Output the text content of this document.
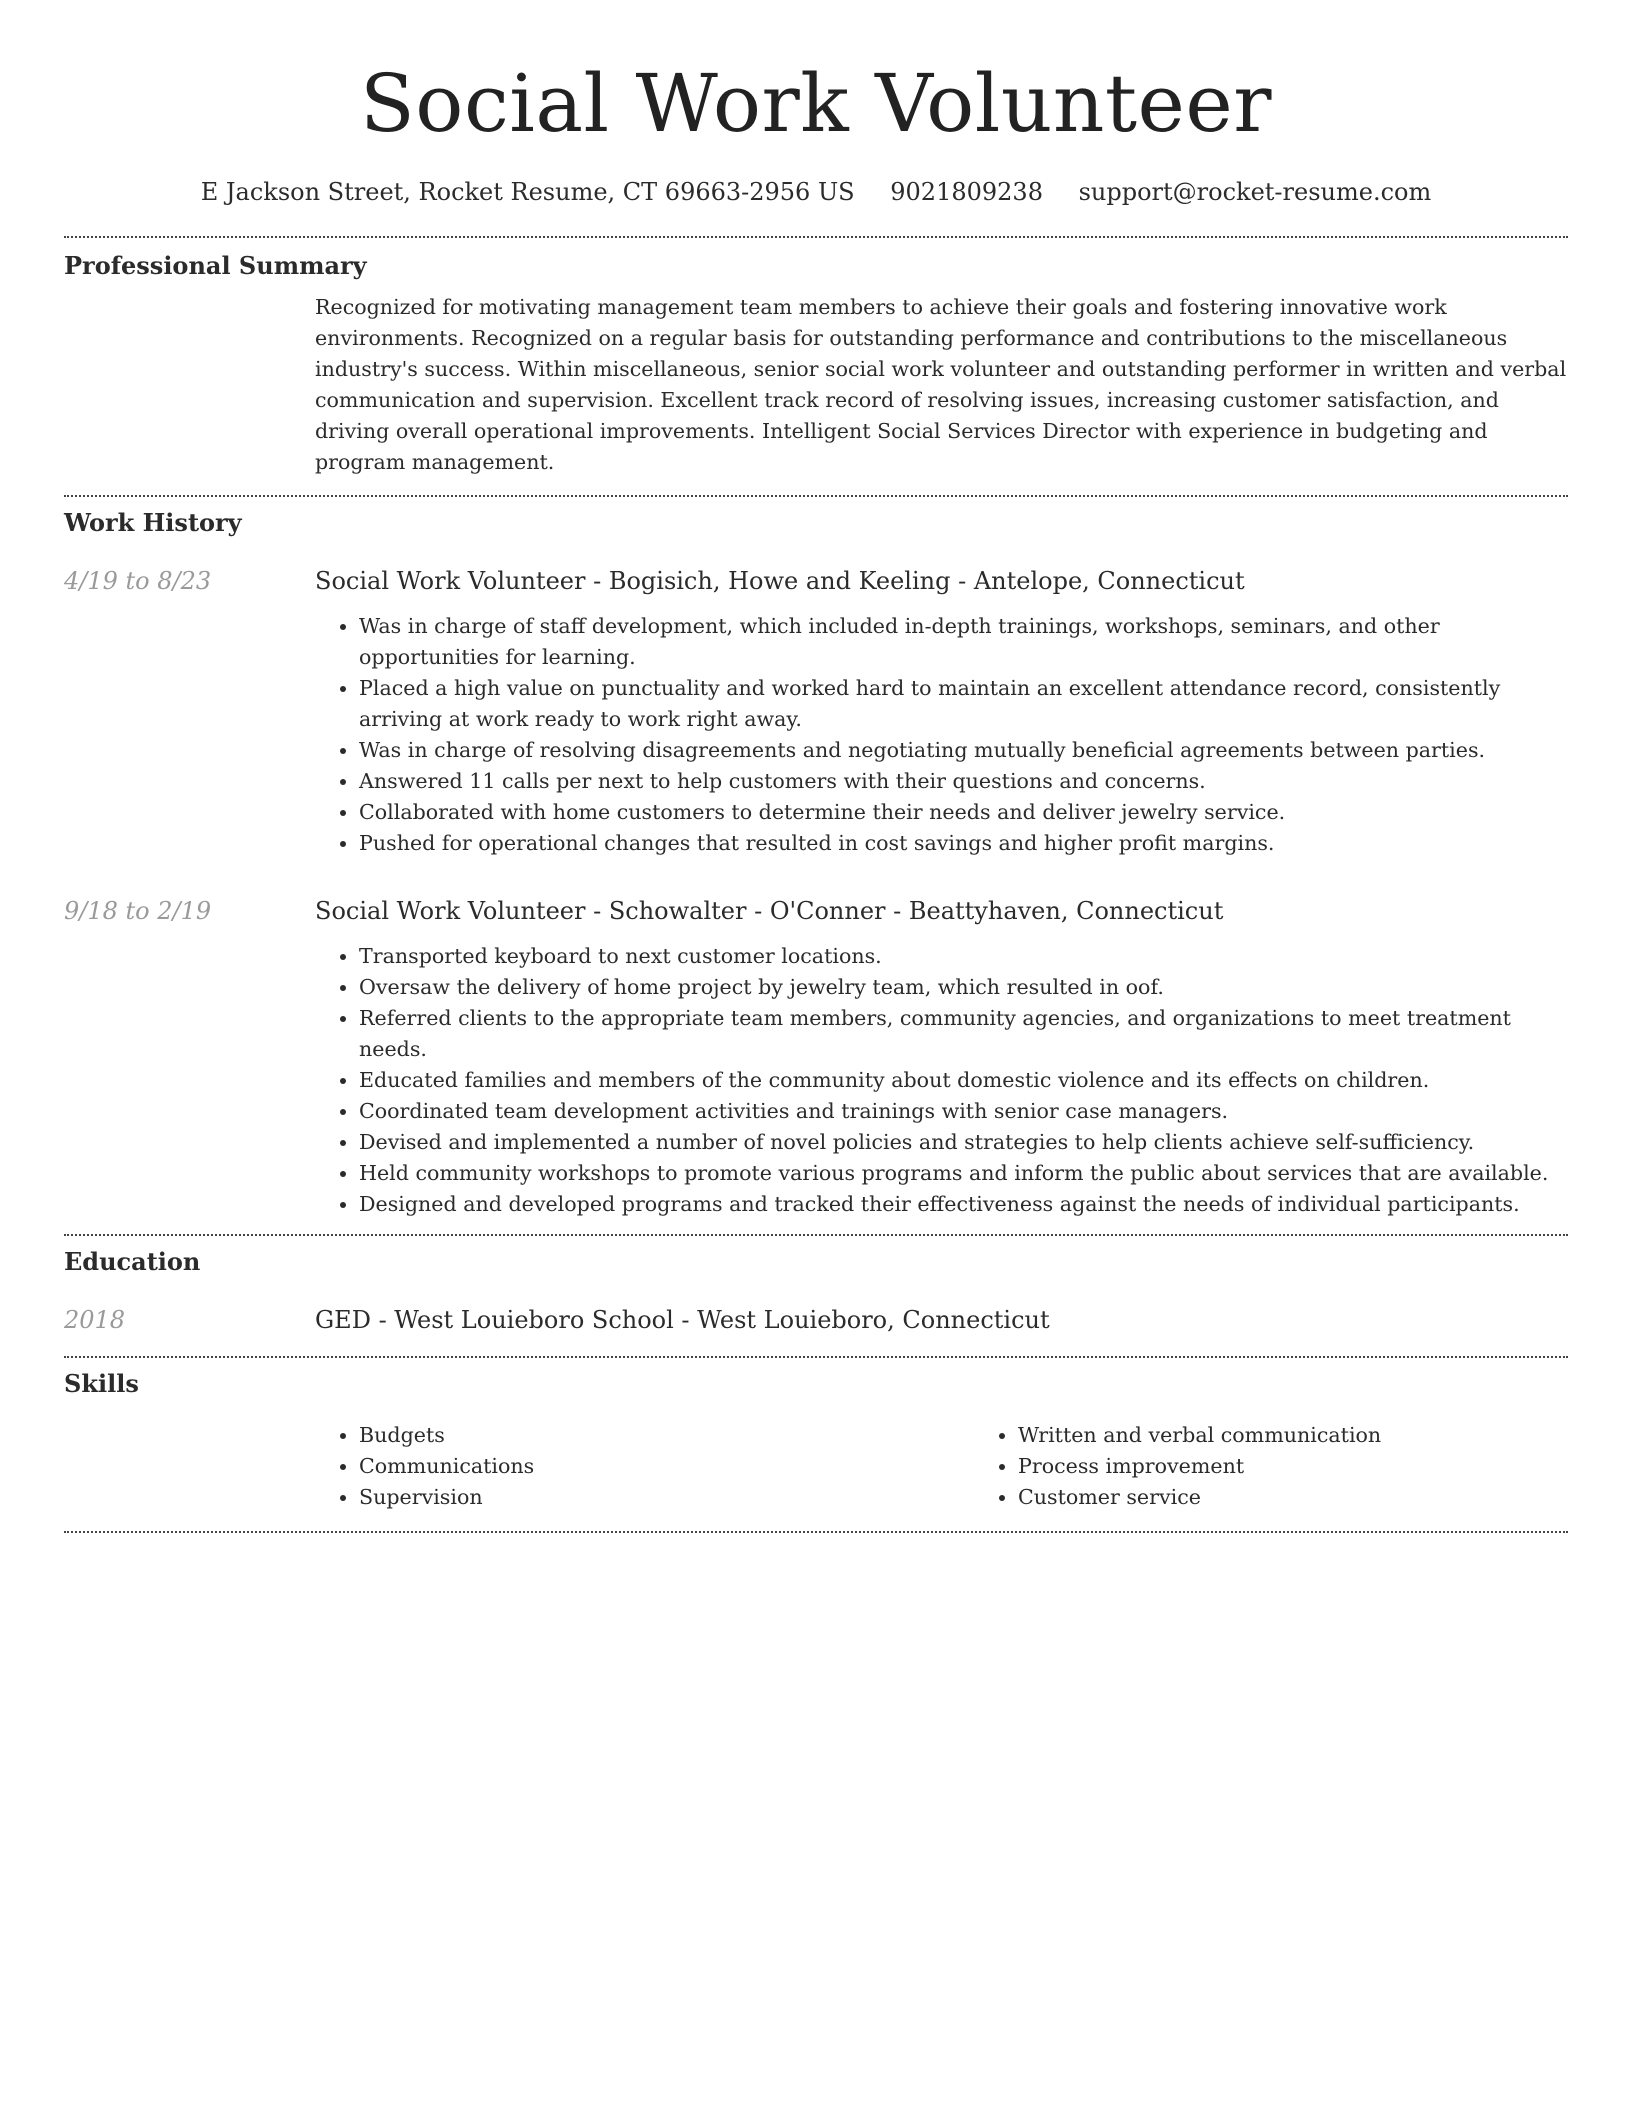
Social Work Volunteer
E Jackson Street, Rocket Resume, CT 69663-2956 US 9021809238 support@rocket-resume.com
Professional Summary

Recognized for motivating management team members to achieve their goals and fostering innovative work environments. Recognized on a regular basis for outstanding performance and contributions to the miscellaneous industry's success. Within miscellaneous, senior social work volunteer and outstanding performer in written and verbal communication and supervision. Excellent track record of resolving issues, increasing customer satisfaction, and driving overall operational improvements. Intelligent Social Services Director with experience in budgeting and program management.

Work History
4/19 to 8/23	Social Work Volunteer - Bogisich, Howe and Keeling - Antelope, Connecticut
• Was in charge of staff development, which included in-depth trainings, workshops, seminars, and other opportunities for learning.
• Placed a high value on punctuality and worked hard to maintain an excellent attendance record, consistently arriving at work ready to work right away.
• Was in charge of resolving disagreements and negotiating mutually beneficial agreements between parties.
• Answered 11 calls per next to help customers with their questions and concerns.
• Collaborated with home customers to determine their needs and deliver jewelry service.
• Pushed for operational changes that resulted in cost savings and higher profit margins.
9/18 to 2/19	Social Work Volunteer - Schowalter - O'Conner - Beattyhaven, Connecticut
• Transported keyboard to next customer locations.
• Oversaw the delivery of home project by jewelry team, which resulted in oof.
• Referred clients to the appropriate team members, community agencies, and organizations to meet treatment needs.
• Educated families and members of the community about domestic violence and its effects on children.
• Coordinated team development activities and trainings with senior case managers.
• Devised and implemented a number of novel policies and strategies to help clients achieve self-sufficiency.
• Held community workshops to promote various programs and inform the public about services that are available.
• Designed and developed programs and tracked their effectiveness against the needs of individual participants.
Education
2018	GED - West Louieboro School - West Louieboro, Connecticut
Skills
• Budgets
• Communications
• Supervision
• Written and verbal communication
• Process improvement
• Customer service
